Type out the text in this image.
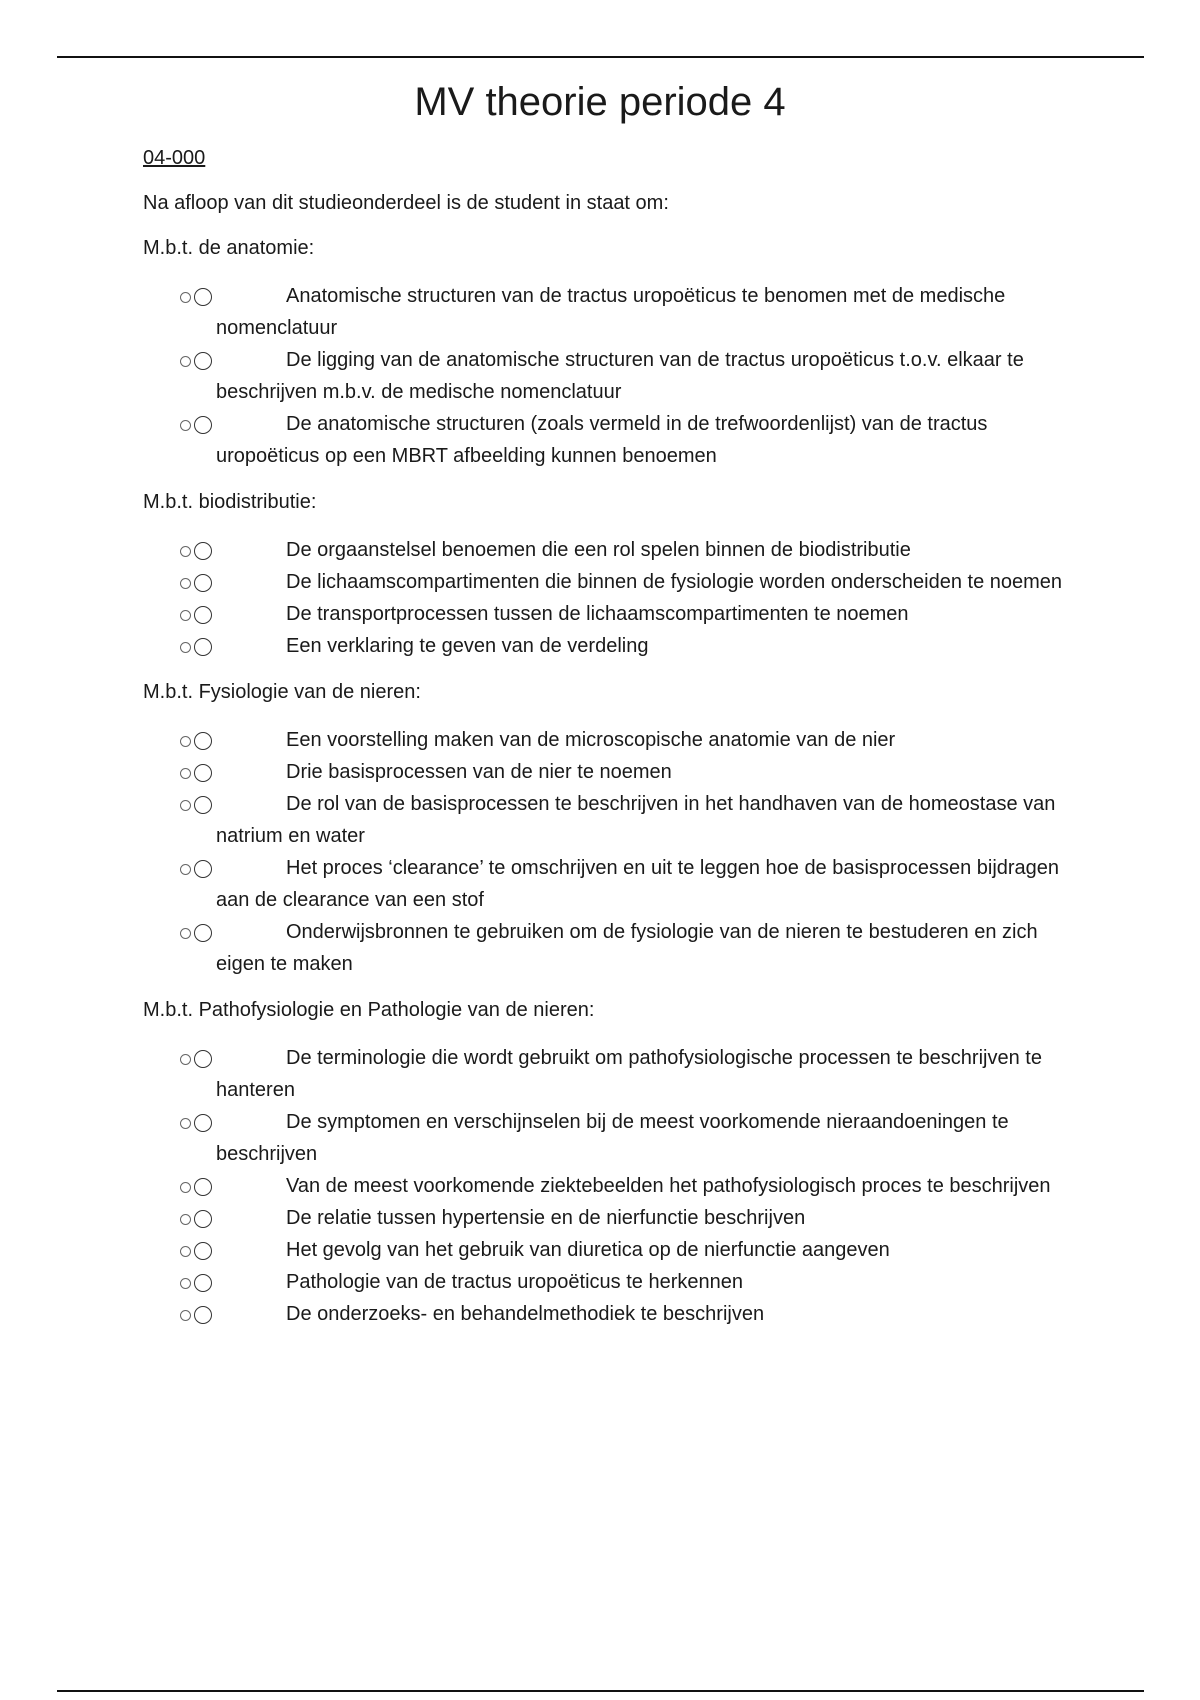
MV theorie periode 4
04-000

Na afloop van dit studieonderdeel is de student in staat om:

M.b.t. de anatomie:

Anatomische structuren van de tractus uropoëticus te benomen met de medische nomenclatuur
De ligging van de anatomische structuren van de tractus uropoëticus t.o.v. elkaar te beschrijven m.b.v. de medische nomenclatuur
De anatomische structuren (zoals vermeld in de trefwoordenlijst) van de tractus uropoëticus op een MBRT afbeelding kunnen benoemen

M.b.t. biodistributie:

De orgaanstelsel benoemen die een rol spelen binnen de biodistributie
De lichaamscompartimenten die binnen de fysiologie worden onderscheiden te noemen
De transportprocessen tussen de lichaamscompartimenten te noemen
Een verklaring te geven van de verdeling

M.b.t. Fysiologie van de nieren:

Een voorstelling maken van de microscopische anatomie van de nier
Drie basisprocessen van de nier te noemen
De rol van de basisprocessen te beschrijven in het handhaven van de homeostase van natrium en water
Het proces ‘clearance’ te omschrijven en uit te leggen hoe de basisprocessen bijdragen aan de clearance van een stof
Onderwijsbronnen te gebruiken om de fysiologie van de nieren te bestuderen en zich eigen te maken

M.b.t. Pathofysiologie en Pathologie van de nieren:

De terminologie die wordt gebruikt om pathofysiologische processen te beschrijven te hanteren
De symptomen en verschijnselen bij de meest voorkomende nieraandoeningen te beschrijven
Van de meest voorkomende ziektebeelden het pathofysiologisch proces te beschrijven
De relatie tussen hypertensie en de nierfunctie beschrijven
Het gevolg van het gebruik van diuretica op de nierfunctie aangeven
Pathologie van de tractus uropoëticus te herkennen
De onderzoeks- en behandelmethodiek te beschrijven
